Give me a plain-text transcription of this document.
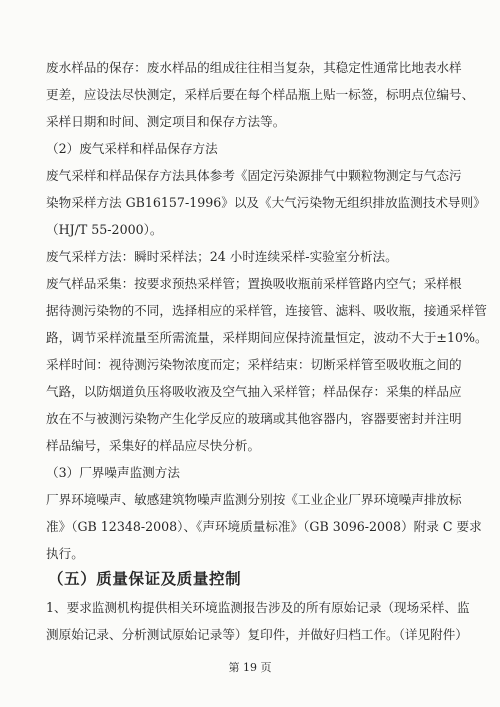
废水样品的保存：废水样品的组成往往相当复杂，其稳定性通常比地表水样
更差，应设法尽快测定，采样后要在每个样品瓶上贴一标签，标明点位编号、
采样日期和时间、测定项目和保存方法等。
（2）废气采样和样品保存方法
废气采样和样品保存方法具体参考《固定污染源排气中颗粒物测定与气态污
染物采样方法 GB16157-1996》以及《大气污染物无组织排放监测技术导则》
（HJ/T 55-2000）。
废气采样方法：瞬时采样法；24 小时连续采样-实验室分析法。
废气样品采集：按要求预热采样管；置换吸收瓶前采样管路内空气；采样根
据待测污染物的不同，选择相应的采样管，连接管、滤料、吸收瓶，接通采样管
路，调节采样流量至所需流量，采样期间应保持流量恒定，波动不大于±10%。
采样时间：视待测污染物浓度而定；采样结束：切断采样管至吸收瓶之间的
气路，以防烟道负压将吸收液及空气抽入采样管；样品保存：采集的样品应
放在不与被测污染物产生化学反应的玻璃或其他容器内，容器要密封并注明
样品编号，采集好的样品应尽快分析。
（3）厂界噪声监测方法
厂界环境噪声、敏感建筑物噪声监测分别按《工业企业厂界环境噪声排放标
准》（GB 12348-2008）、《声环境质量标准》（GB 3096-2008）附录 C 要求
执行。
（五）质量保证及质量控制
1、要求监测机构提供相关环境监测报告涉及的所有原始记录（现场采样、监
测原始记录、分析测试原始记录等）复印件，并做好归档工作。（详见附件）
第 19 页
